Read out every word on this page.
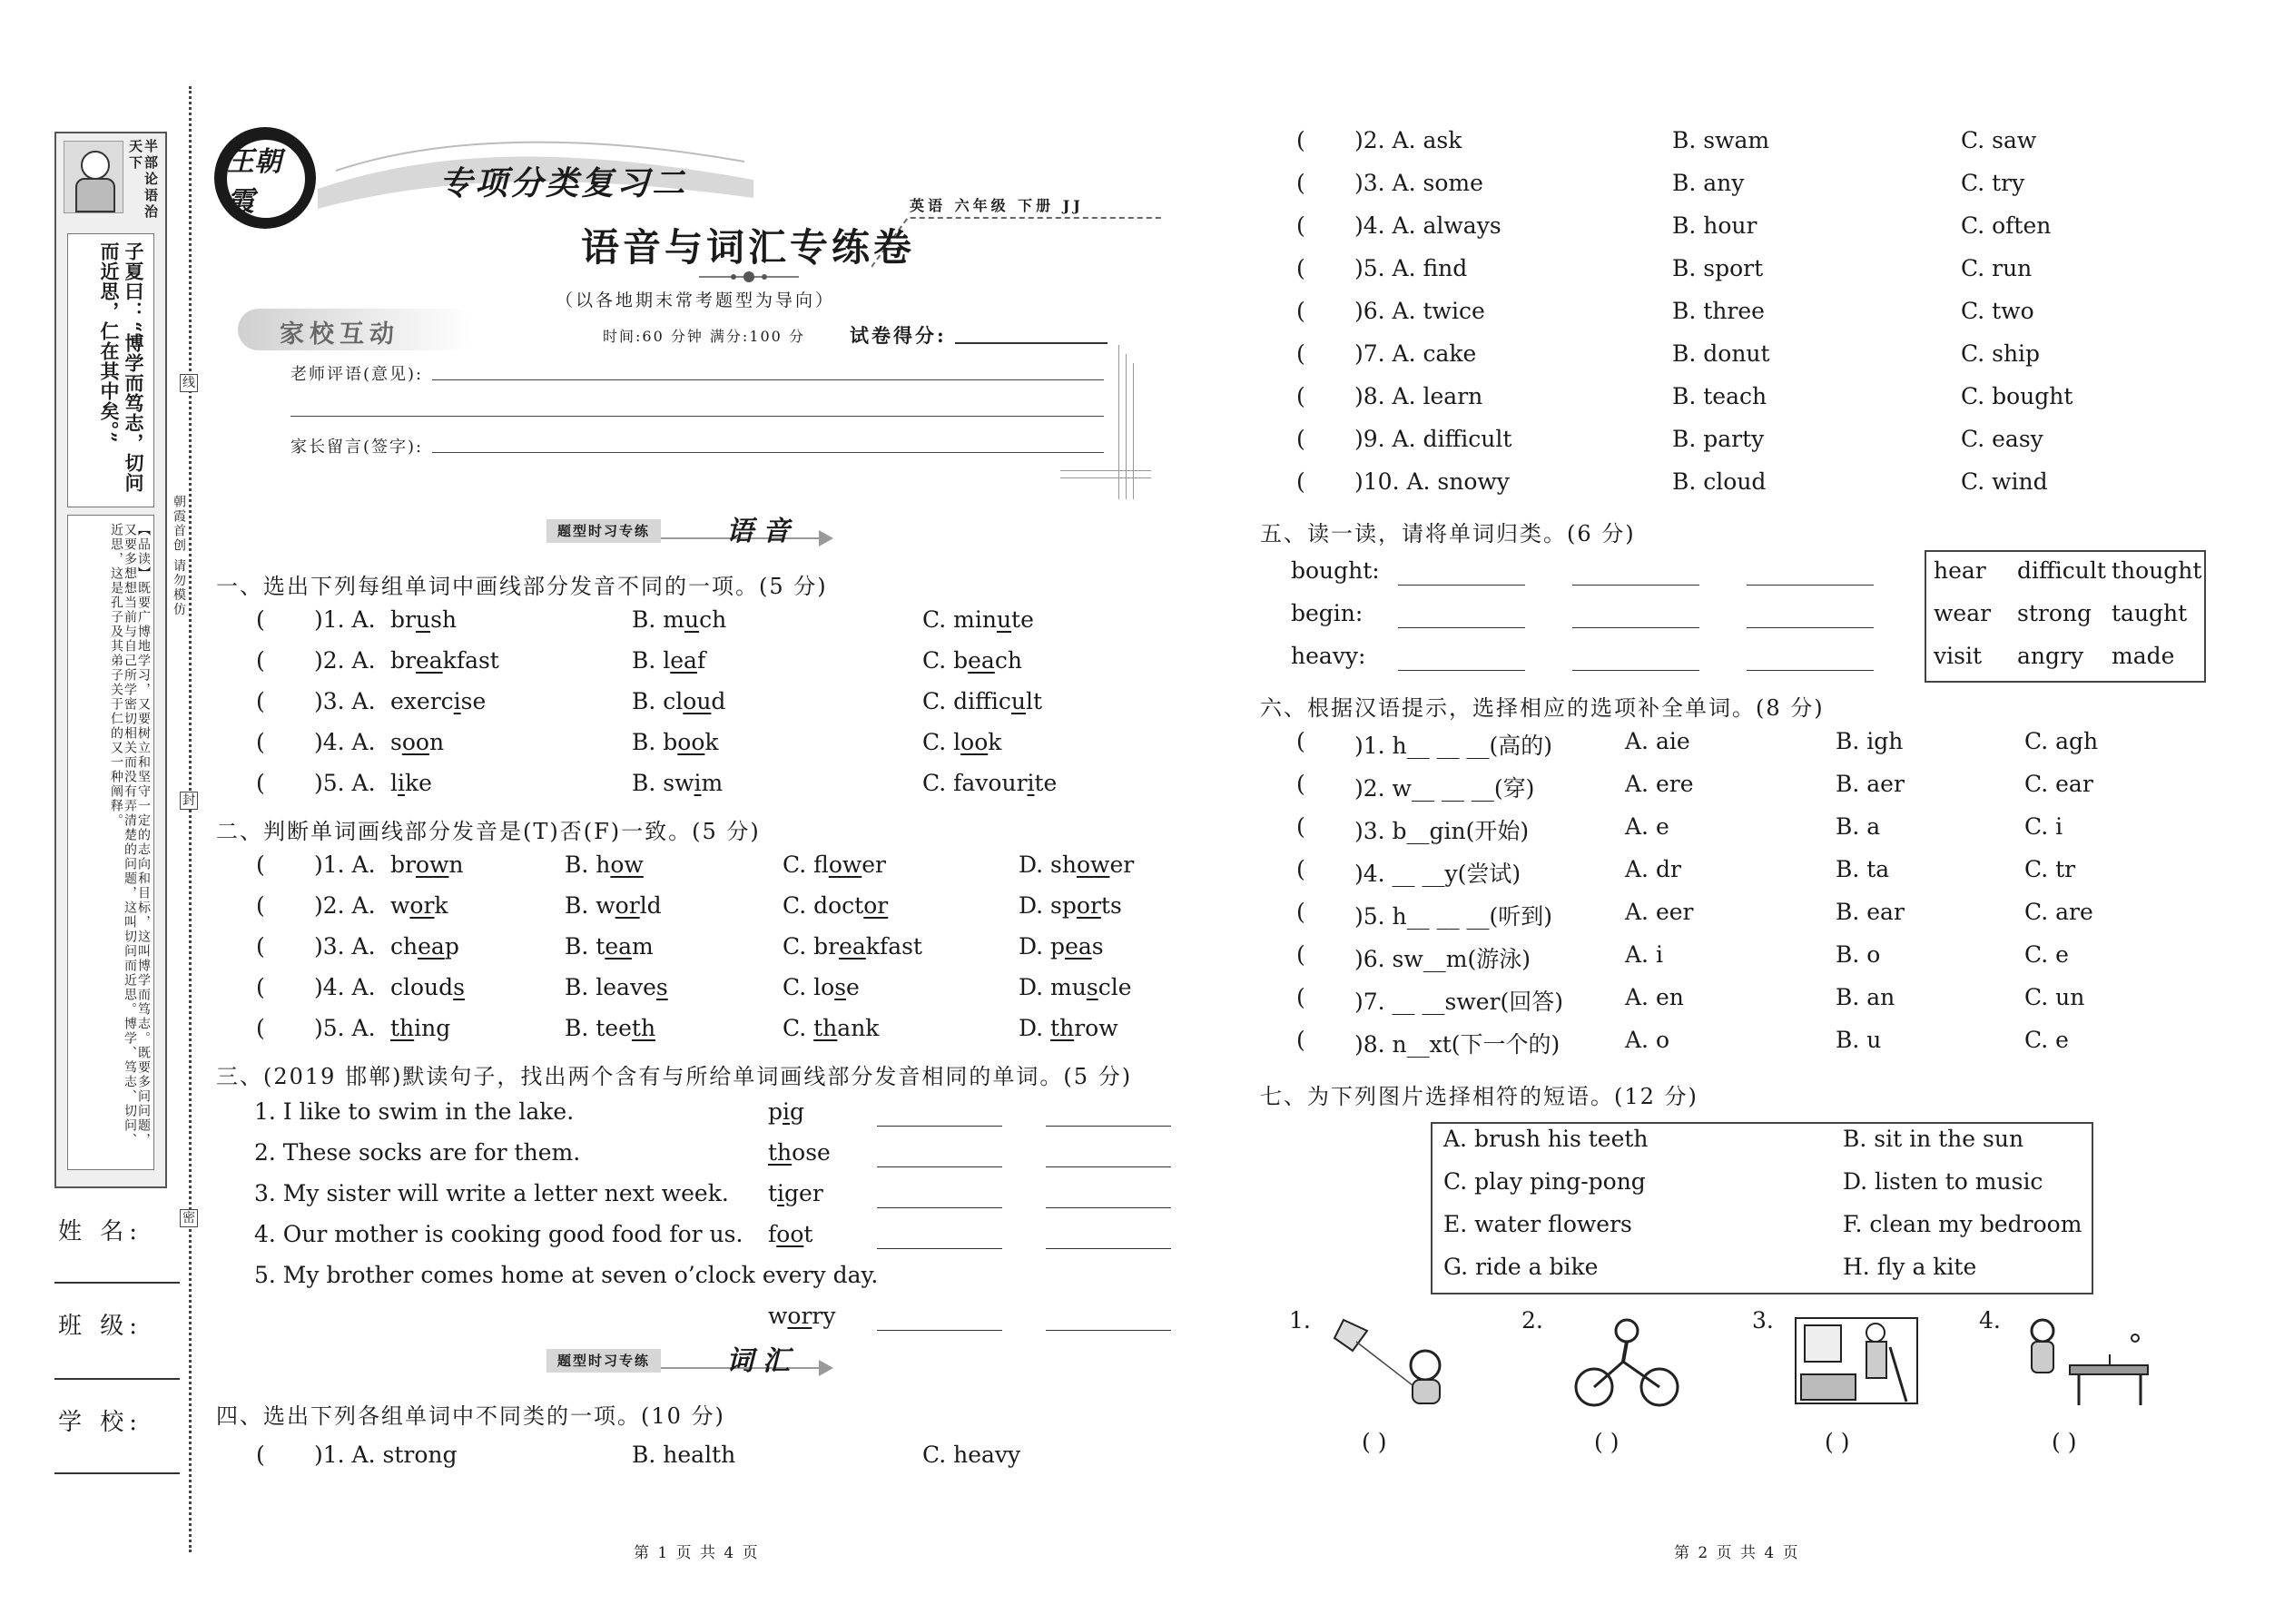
半部论语治天下
子夏曰：“博学而笃志，切问而近思，仁在其中矣。”
【品读】既要广博地学习，又要树立和坚守一定的志向和目标，这叫博学而笃志。既要多问问题，又要多想想当前与自己所学密切相关而没有弄清楚的问题，这叫切问而近思。博学、笃志、切问、近思，这是孔子及其弟子关于仁的又一种阐释。
姓 名:
班 级:
学 校:
线
封
密
朝霞首创 请勿模仿
王朝霞	专项分类复习二
英语 六年级 下册 JJ
语音与词汇专练卷
（以各地期末常考题型为导向）
家校互动	时间:60 分钟 满分:100 分 试卷得分:
老师评语(意见):
家长留言(签字):
题型时习专练	语音
一、选出下列每组单词中画线部分发音不同的一项。(5 分)
( )1. A. brush	B. much	C. minute
( )2. A. breakfast	B. leaf	C. beach
( )3. A. exercise	B. cloud	C. difficult
( )4. A. soon	B. book	C. look
( )5. A. like	B. swim	C. favourite
二、判断单词画线部分发音是(T)否(F)一致。(5 分)
( )1. A. brown	B. how	C. flower	D. shower
( )2. A. work	B. world	C. doctor	D. sports
( )3. A. cheap	B. team	C. breakfast	D. peas
( )4. A. clouds	B. leaves	C. lose	D. muscle
( )5. A. thing	B. teeth	C. thank	D. throw
三、(2019 邯郸)默读句子，找出两个含有与所给单词画线部分发音相同的单词。(5 分)
1. I like to swim in the lake.	pig
2. These socks are for them.	those
3. My sister will write a letter next week. tiger
4. Our mother is cooking good food for us. foot
5. My brother comes home at seven o’clock every day.
worry
题型时习专练	词汇
四、选出下列各组单词中不同类的一项。(10 分)
( )1. A. strong	B. health	C. heavy
( )2. A. ask	B. swam	C. saw
( )3. A. some	B. any	C. try
( )4. A. always	B. hour	C. often
( )5. A. find	B. sport	C. run
( )6. A. twice	B. three	C. two
( )7. A. cake	B. donut	C. ship
( )8. A. learn	B. teach	C. bought
( )9. A. difficult	B. party	C. easy
( )10. A. snowy	B. cloud	C. wind
五、读一读，请将单词归类。(6 分)
bought:
begin:
heavy:
hear difficult thought
wear strong taught
visit angry made
六、根据汉语提示，选择相应的选项补全单词。(8 分)
( )1. h__ __ __(高的)	A. aie	B. igh	C. agh
( )2. w__ __ __(穿)	A. ere	B. aer	C. ear
( )3. b__gin(开始)	A. e	B. a	C. i
( )4. __ __y(尝试)	A. dr	B. ta	C. tr
( )5. h__ __ __(听到)	A. eer	B. ear	C. are
( )6. sw__m(游泳)	A. i	B. o	C. e
( )7. __ __swer(回答)	A. en	B. an	C. un
( )8. n__xt(下一个的)	A. o	B. u	C. e
七、为下列图片选择相符的短语。(12 分)
A. brush his teeth	B. sit in the sun
C. play ping-pong	D. listen to music
E. water flowers	F. clean my bedroom
G. ride a bike	H. fly a kite
1.
( )
2.
( )
3.
( )
4.
( )
第 1 页 共 4 页	第 2 页 共 4 页
